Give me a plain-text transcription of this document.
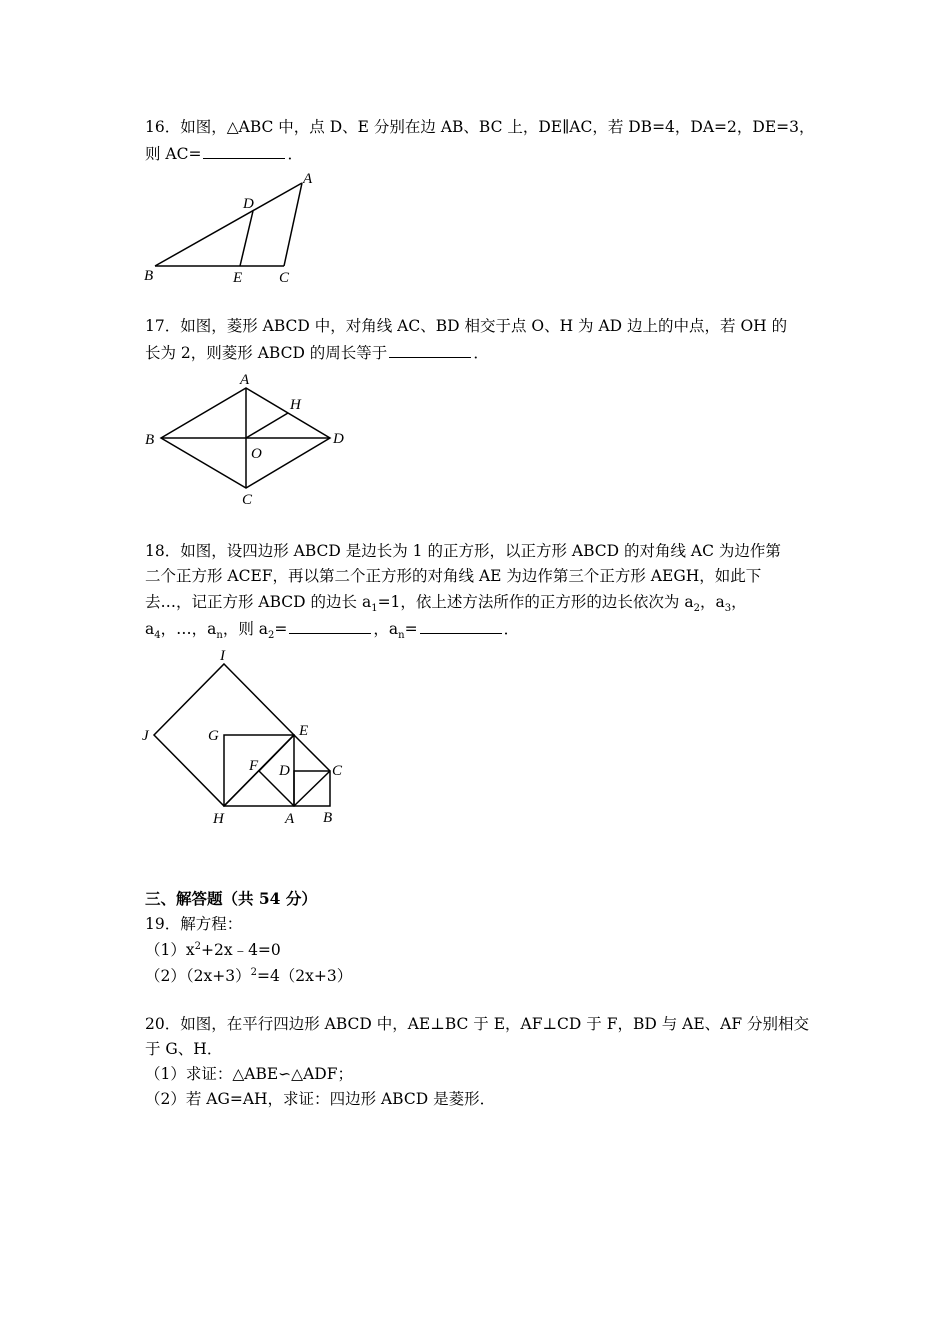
16．如图，△ABC 中，点 D、E 分别在边 AB、BC 上，DE∥AC，若 DB=4，DA=2，DE=3，
则 AC=	．
A
D
B	E C
A
H
B	D
O
C
I
J	G	E
F D	C
H	A B
17．如图，菱形 ABCD 中，对角线 AC、BD 相交于点 O、H 为 AD 边上的中点，若 OH 的
长为 2，则菱形 ABCD 的周长等于	．
18．如图，设四边形 ABCD 是边长为 1 的正方形，以正方形 ABCD 的对角线 AC 为边作第
二个正方形 ACEF，再以第二个正方形的对角线 AE 为边作第三个正方形 AEGH，如此下
去…，记正方形 ABCD 的边长 $a_1=1$，依上述方法所作的正方形的边长依次为 $a_2$，$a_3$，
$a_4$，…，$a_n$，则 $a_2=$	，$a_n=$	．
三、解答题（共 54 分）
19．解方程：
$(1)x^2+2x﹣4=0$
$(2)(2x+3)^2=4(2x+3)$
20．如图，在平行四边形 ABCD 中，AE⊥BC 于 E，AF⊥CD 于 F，BD 与 AE、AF 分别相交
于 G、H．
（1）求证：△ABE∽△ADF；
（2）若 AG=AH，求证：四边形 ABCD 是菱形．
